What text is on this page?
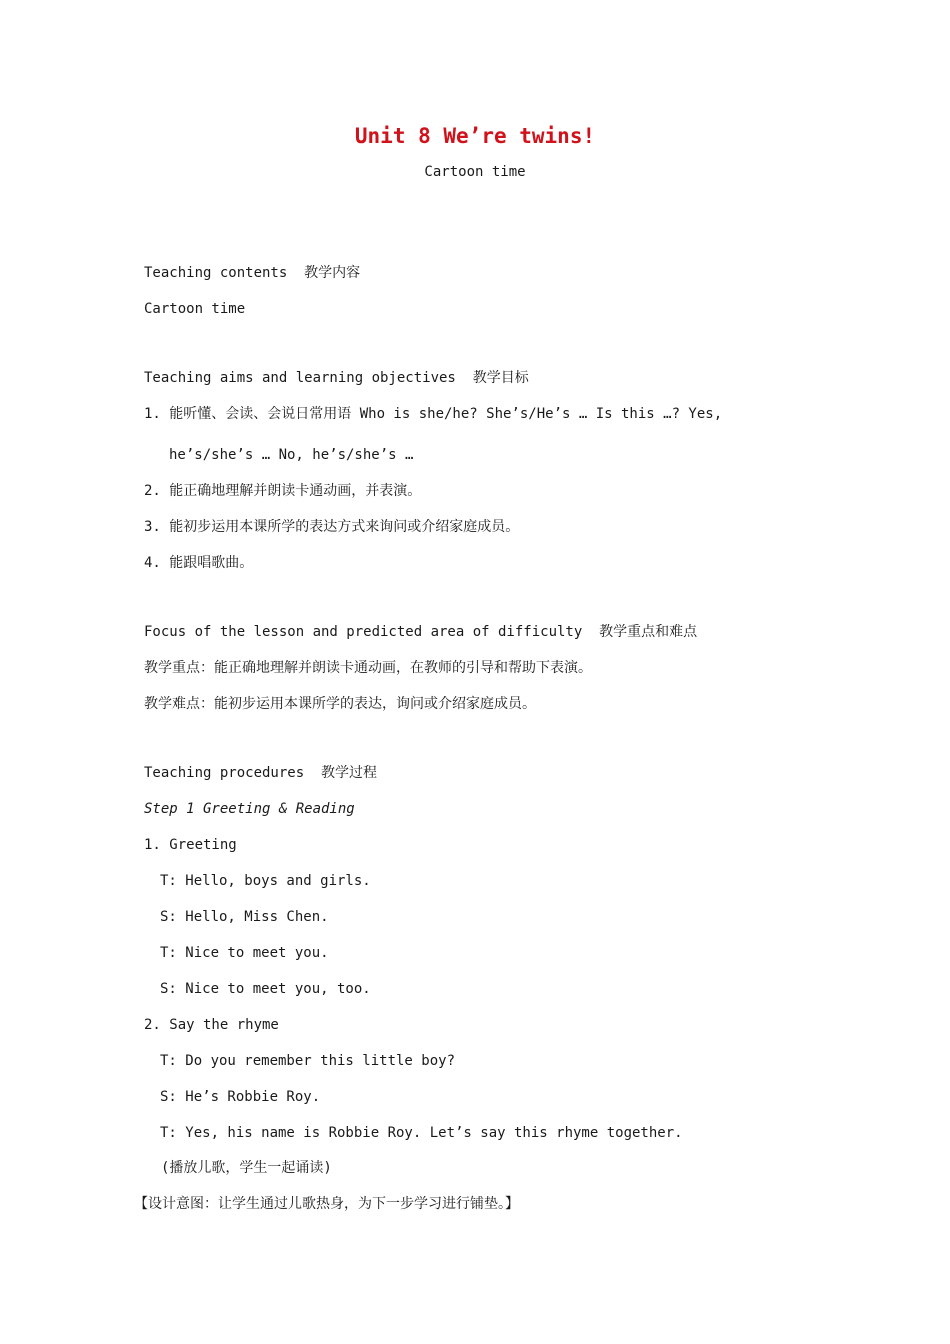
Unit 8 We’re twins!
Cartoon time
Teaching contents  教学内容
Cartoon time
Teaching aims and learning objectives  教学目标
1. 能听懂、会读、会说日常用语 Who is she/he? She’s/He’s … Is this …? Yes,
he’s/she’s … No, he’s/she’s …
2. 能正确地理解并朗读卡通动画，并表演。
3. 能初步运用本课所学的表达方式来询问或介绍家庭成员。
4. 能跟唱歌曲。
Focus of the lesson and predicted area of difficulty  教学重点和难点
教学重点：能正确地理解并朗读卡通动画，在教师的引导和帮助下表演。
教学难点：能初步运用本课所学的表达，询问或介绍家庭成员。
Teaching procedures  教学过程
Step 1 Greeting & Reading
1. Greeting
T: Hello, boys and girls.
S: Hello, Miss Chen.
T: Nice to meet you.
S: Nice to meet you, too.
2. Say the rhyme
T: Do you remember this little boy?
S: He’s Robbie Roy.
T: Yes, his name is Robbie Roy. Let’s say this rhyme together.
(播放儿歌，学生一起诵读)
【设计意图：让学生通过儿歌热身，为下一步学习进行铺垫。】
